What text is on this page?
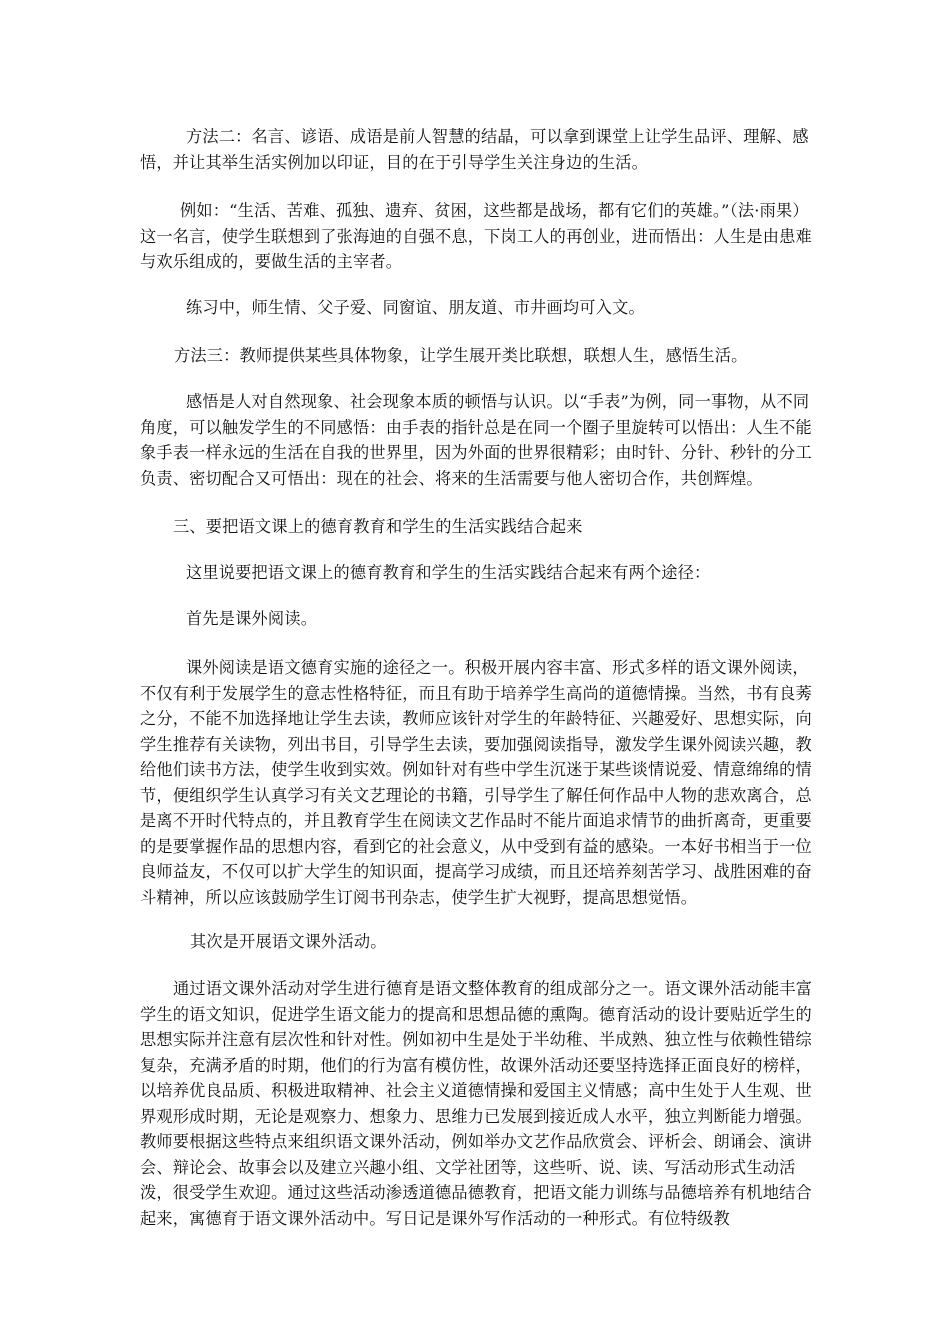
方法二：名言、谚语、成语是前人智慧的结晶，可以拿到课堂上让学生品评、理解、感悟，并让其举生活实例加以印证，目的在于引导学生关注身边的生活。

例如：“生活、苦难、孤独、遗弃、贫困，这些都是战场，都有它们的英雄。”（法·雨果）这一名言，使学生联想到了张海迪的自强不息，下岗工人的再创业，进而悟出：人生是由患难与欢乐组成的，要做生活的主宰者。

练习中，师生情、父子爱、同窗谊、朋友道、市井画均可入文。

方法三：教师提供某些具体物象，让学生展开类比联想，联想人生，感悟生活。

感悟是人对自然现象、社会现象本质的顿悟与认识。以“手表”为例，同一事物，从不同角度，可以触发学生的不同感悟：由手表的指针总是在同一个圈子里旋转可以悟出：人生不能象手表一样永远的生活在自我的世界里，因为外面的世界很精彩；由时针、分针、秒针的分工负责、密切配合又可悟出：现在的社会、将来的生活需要与他人密切合作，共创辉煌。

三、要把语文课上的德育教育和学生的生活实践结合起来

这里说要把语文课上的德育教育和学生的生活实践结合起来有两个途径：

首先是课外阅读。

课外阅读是语文德育实施的途径之一。积极开展内容丰富、形式多样的语文课外阅读，不仅有利于发展学生的意志性格特征，而且有助于培养学生高尚的道德情操。当然，书有良莠之分，不能不加选择地让学生去读，教师应该针对学生的年龄特征、兴趣爱好、思想实际，向学生推荐有关读物，列出书目，引导学生去读，要加强阅读指导，激发学生课外阅读兴趣，教给他们读书方法，使学生收到实效。例如针对有些中学生沉迷于某些谈情说爱、情意绵绵的情节，便组织学生认真学习有关文艺理论的书籍，引导学生了解任何作品中人物的悲欢离合，总是离不开时代特点的，并且教育学生在阅读文艺作品时不能片面追求情节的曲折离奇，更重要的是要掌握作品的思想内容，看到它的社会意义，从中受到有益的感染。一本好书相当于一位良师益友，不仅可以扩大学生的知识面，提高学习成绩，而且还培养刻苦学习、战胜困难的奋斗精神，所以应该鼓励学生订阅书刊杂志，使学生扩大视野，提高思想觉悟。

其次是开展语文课外活动。

通过语文课外活动对学生进行德育是语文整体教育的组成部分之一。语文课外活动能丰富学生的语文知识，促进学生语文能力的提高和思想品德的熏陶。德育活动的设计要贴近学生的思想实际并注意有层次性和针对性。例如初中生是处于半幼稚、半成熟、独立性与依赖性错综复杂，充满矛盾的时期，他们的行为富有模仿性，故课外活动还要坚持选择正面良好的榜样，以培养优良品质、积极进取精神、社会主义道德情操和爱国主义情感；高中生处于人生观、世界观形成时期，无论是观察力、想象力、思维力已发展到接近成人水平，独立判断能力增强。教师要根据这些特点来组织语文课外活动，例如举办文艺作品欣赏会、评析会、朗诵会、演讲会、辩论会、故事会以及建立兴趣小组、文学社团等，这些听、说、读、写活动形式生动活泼，很受学生欢迎。通过这些活动渗透道德品德教育，把语文能力训练与品德培养有机地结合起来，寓德育于语文课外活动中。写日记是课外写作活动的一种形式。有位特级教
